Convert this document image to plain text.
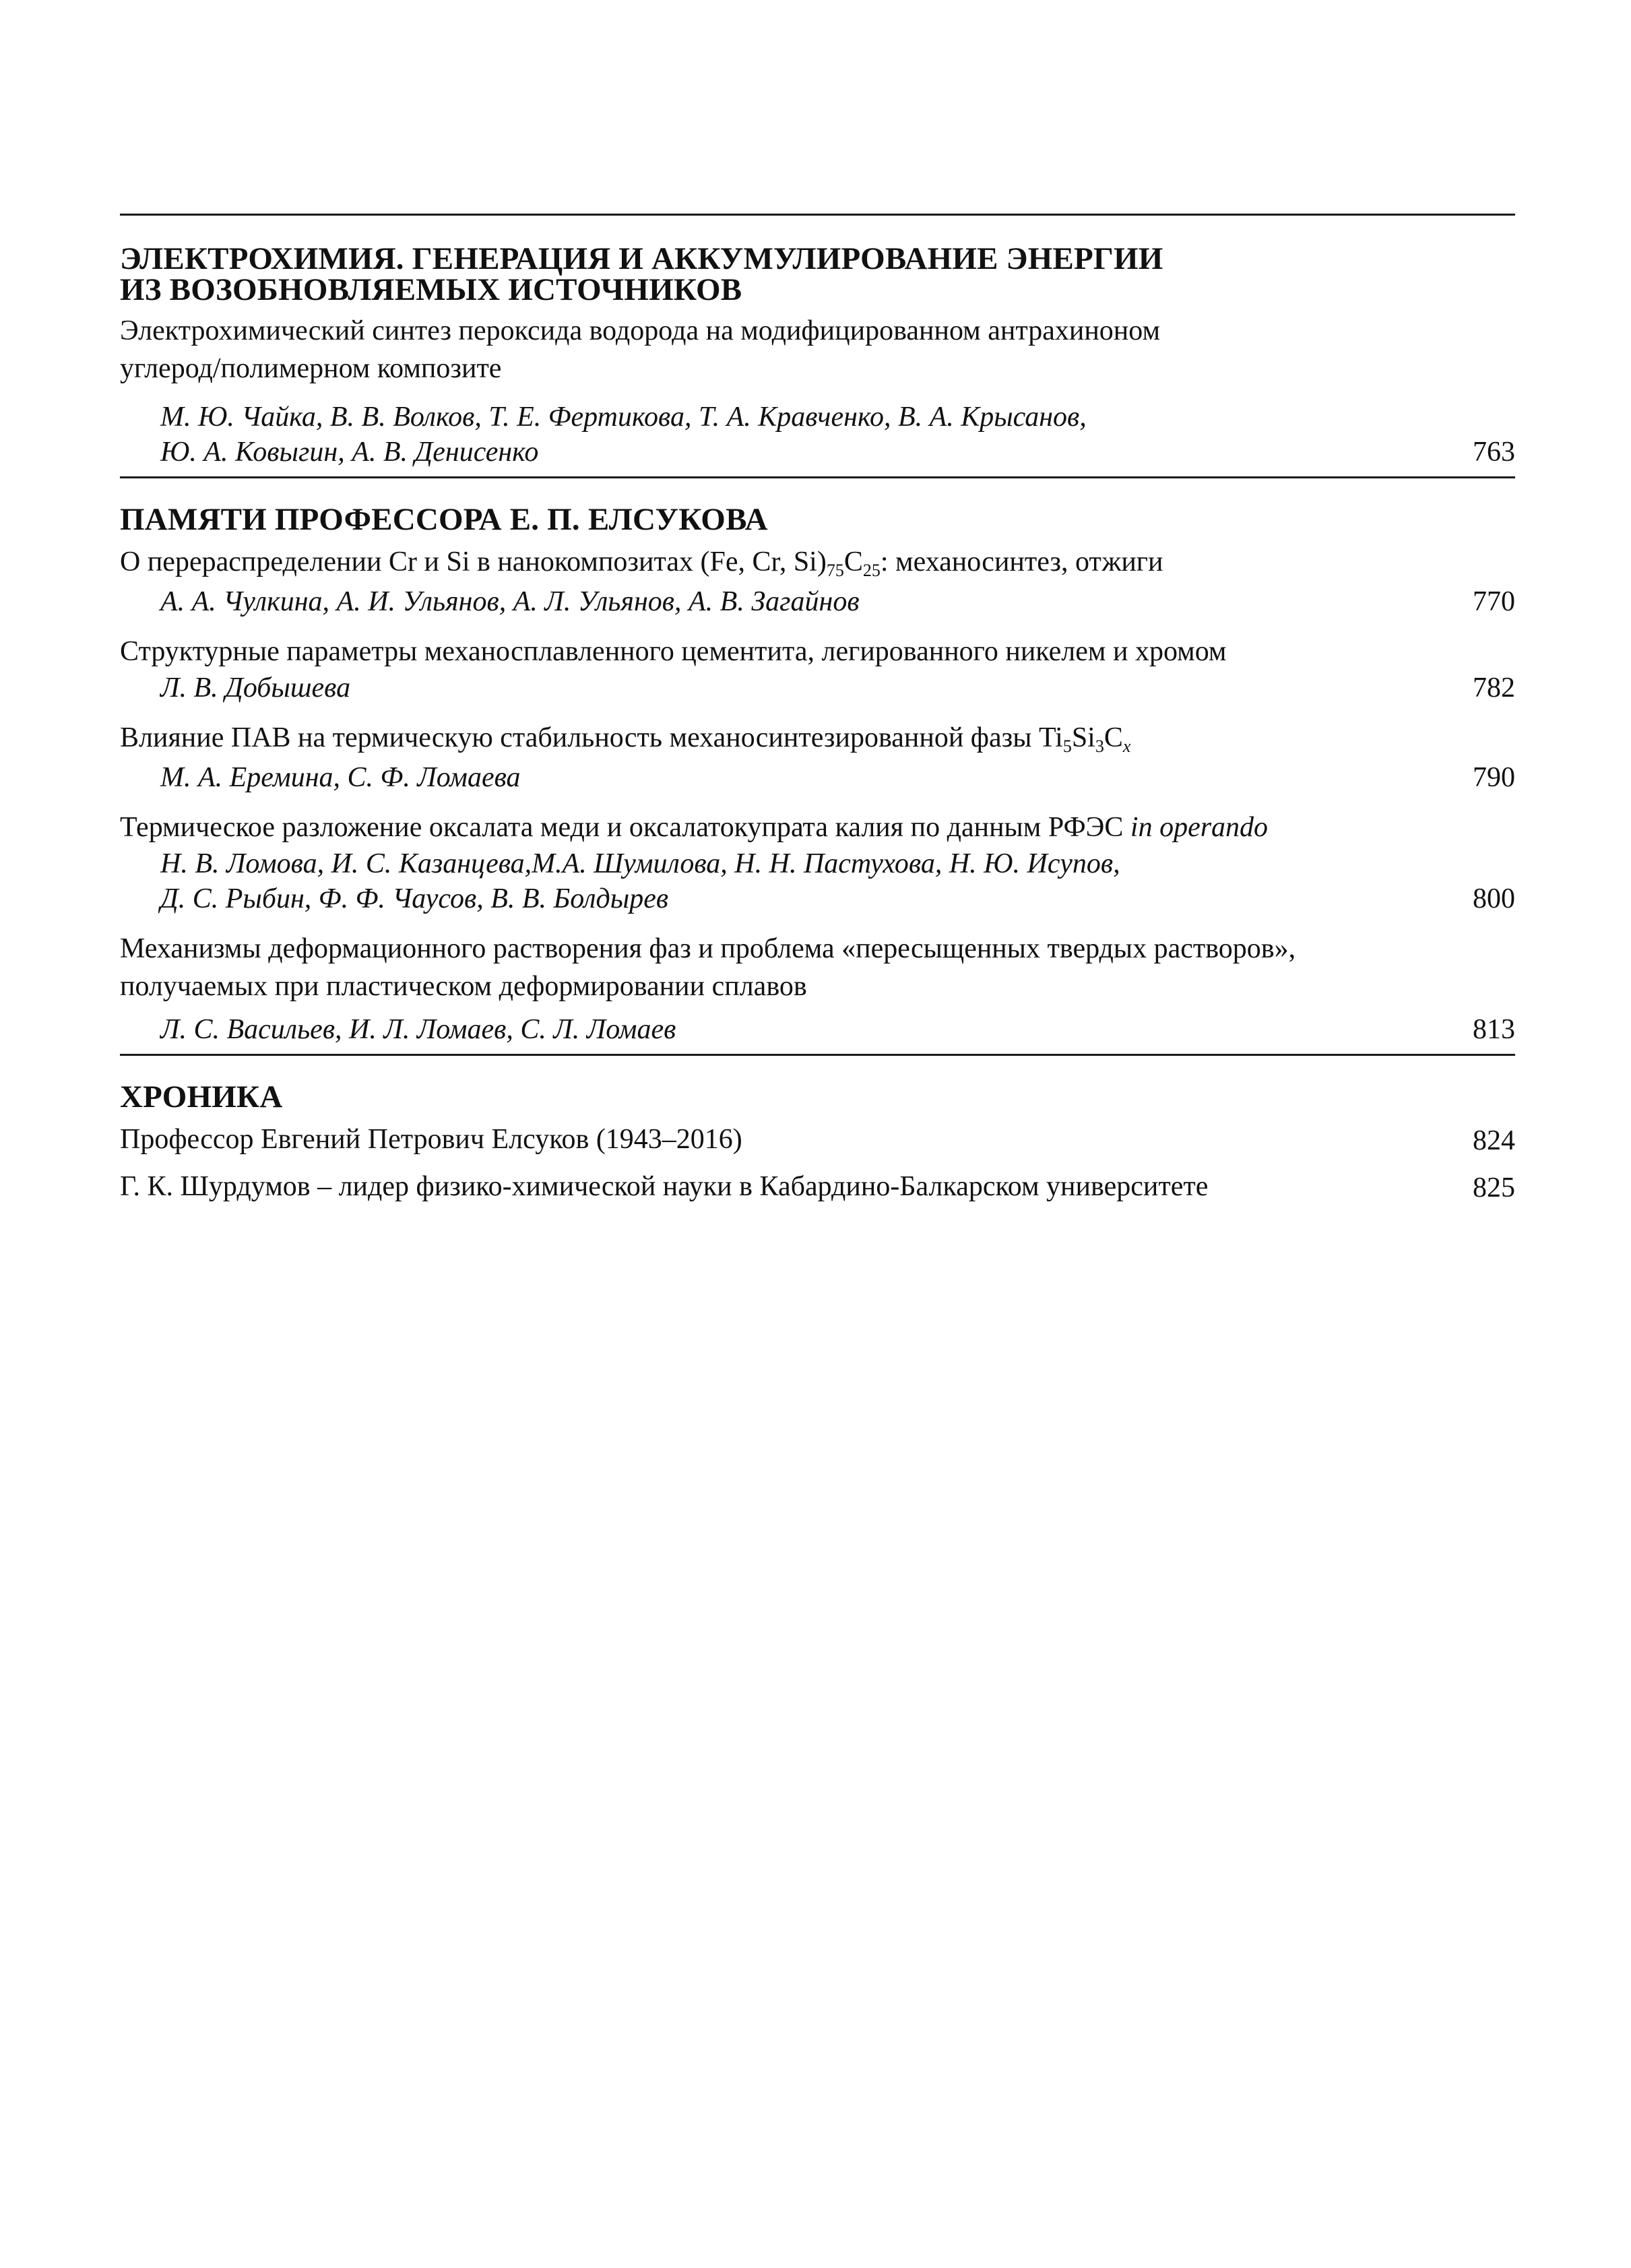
ЭЛЕКТРОХИМИЯ. ГЕНЕРАЦИЯ И АККУМУЛИРОВАНИЕ ЭНЕРГИИ
ИЗ ВОЗОБНОВЛЯЕМЫХ ИСТОЧНИКОВ
Электрохимический синтез пероксида водорода на модифицированном антрахиноном
углерод/полимерном композите
М. Ю. Чайка, В. В. Волков, Т. Е. Фертикова, Т. А. Кравченко, В. А. Крысанов,
Ю. А. Ковыгин, А. В. Денисенко	763
ПАМЯТИ ПРОФЕССОРА Е. П. ЕЛСУКОВА
О перераспределении Cr и Si в нанокомпозитах (Fe, Cr, $Si)_{75}C_{25}$: механосинтез, отжиги
А. А. Чулкина, А. И. Ульянов, А. Л. Ульянов, А. В. Загайнов	770
Структурные параметры механосплавленного цементита, легированного никелем и хромом
Л. В. Добышева	782
Влияние ПАВ на термическую стабильность механосинтезированной фазы $Ti_5Si_3C_x$
М. А. Еремина, С. Ф. Ломаева	790
Термическое разложение оксалата меди и оксалатокупрата калия по данным РФЭС in operando
Н. В. Ломова, И. С. Казанцева,М.А. Шумилова, Н. Н. Пастухова, Н. Ю. Исупов,
Д. С. Рыбин, Ф. Ф. Чаусов, В. В. Болдырев	800
Механизмы деформационного растворения фаз и проблема «пересыщенных твердых растворов»,
получаемых при пластическом деформировании сплавов
Л. С. Васильев, И. Л. Ломаев, С. Л. Ломаев	813
ХРОНИКА
Профессор Евгений Петрович Елсуков (1943–2016)	824
Г. К. Шурдумов – лидер физико-химической науки в Кабардино-Балкарском университете	825
